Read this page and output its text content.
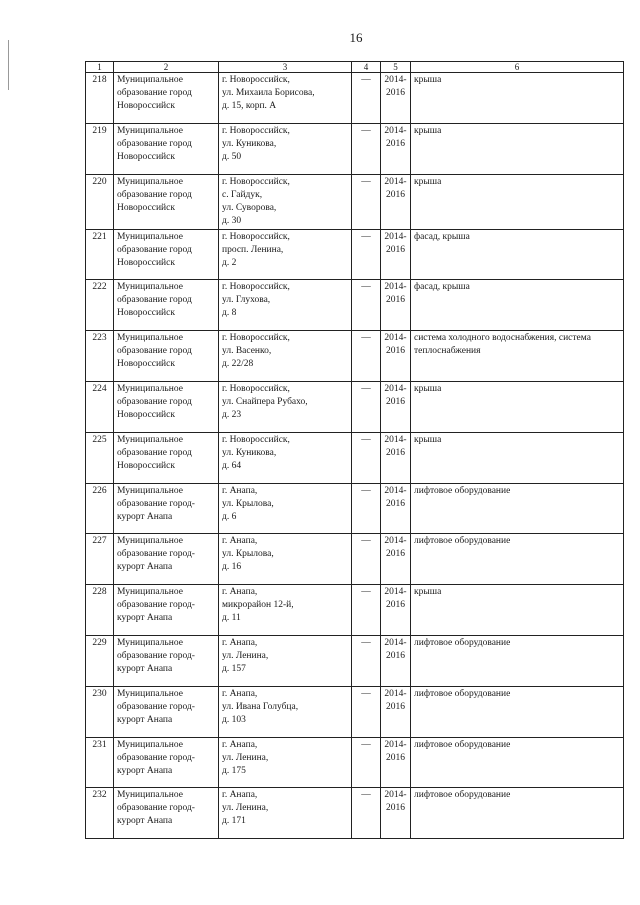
16
1	2	3	4	5	6
218	Муниципальное
образование город
Новороссийск	г. Новороссийск,
ул. Михаила Борисова,
д. 15, корп. А	—	2014-
2016	крыша
219	Муниципальное
образование город
Новороссийск	г. Новороссийск,
ул. Куникова,
д. 50	—	2014-
2016	крыша
220	Муниципальное
образование город
Новороссийск	г. Новороссийск,
с. Гайдук,
ул. Суворова,
д. 30	—	2014-
2016	крыша
221	Муниципальное
образование город
Новороссийск	г. Новороссийск,
просп. Ленина,
д. 2	—	2014-
2016	фасад, крыша
222	Муниципальное
образование город
Новороссийск	г. Новороссийск,
ул. Глухова,
д. 8	—	2014-
2016	фасад, крыша
223	Муниципальное
образование город
Новороссийск	г. Новороссийск,
ул. Васенко,
д. 22/28	—	2014-
2016	система холодного водоснабжения, система теплоснабжения
224	Муниципальное
образование город
Новороссийск	г. Новороссийск,
ул. Снайпера Рубахо,
д. 23	—	2014-
2016	крыша
225	Муниципальное
образование город
Новороссийск	г. Новороссийск,
ул. Куникова,
д. 64	—	2014-
2016	крыша
226	Муниципальное
образование город-
курорт Анапа	г. Анапа,
ул. Крылова,
д. 6	—	2014-
2016	лифтовое оборудование
227	Муниципальное
образование город-
курорт Анапа	г. Анапа,
ул. Крылова,
д. 16	—	2014-
2016	лифтовое оборудование
228	Муниципальное
образование город-
курорт Анапа	г. Анапа,
микрорайон 12-й,
д. 11	—	2014-
2016	крыша
229	Муниципальное
образование город-
курорт Анапа	г. Анапа,
ул. Ленина,
д. 157	—	2014-
2016	лифтовое оборудование
230	Муниципальное
образование город-
курорт Анапа	г. Анапа,
ул. Ивана Голубца,
д. 103	—	2014-
2016	лифтовое оборудование
231	Муниципальное
образование город-
курорт Анапа	г. Анапа,
ул. Ленина,
д. 175	—	2014-
2016	лифтовое оборудование
232	Муниципальное
образование город-
курорт Анапа	г. Анапа,
ул. Ленина,
д. 171	—	2014-
2016	лифтовое оборудование
